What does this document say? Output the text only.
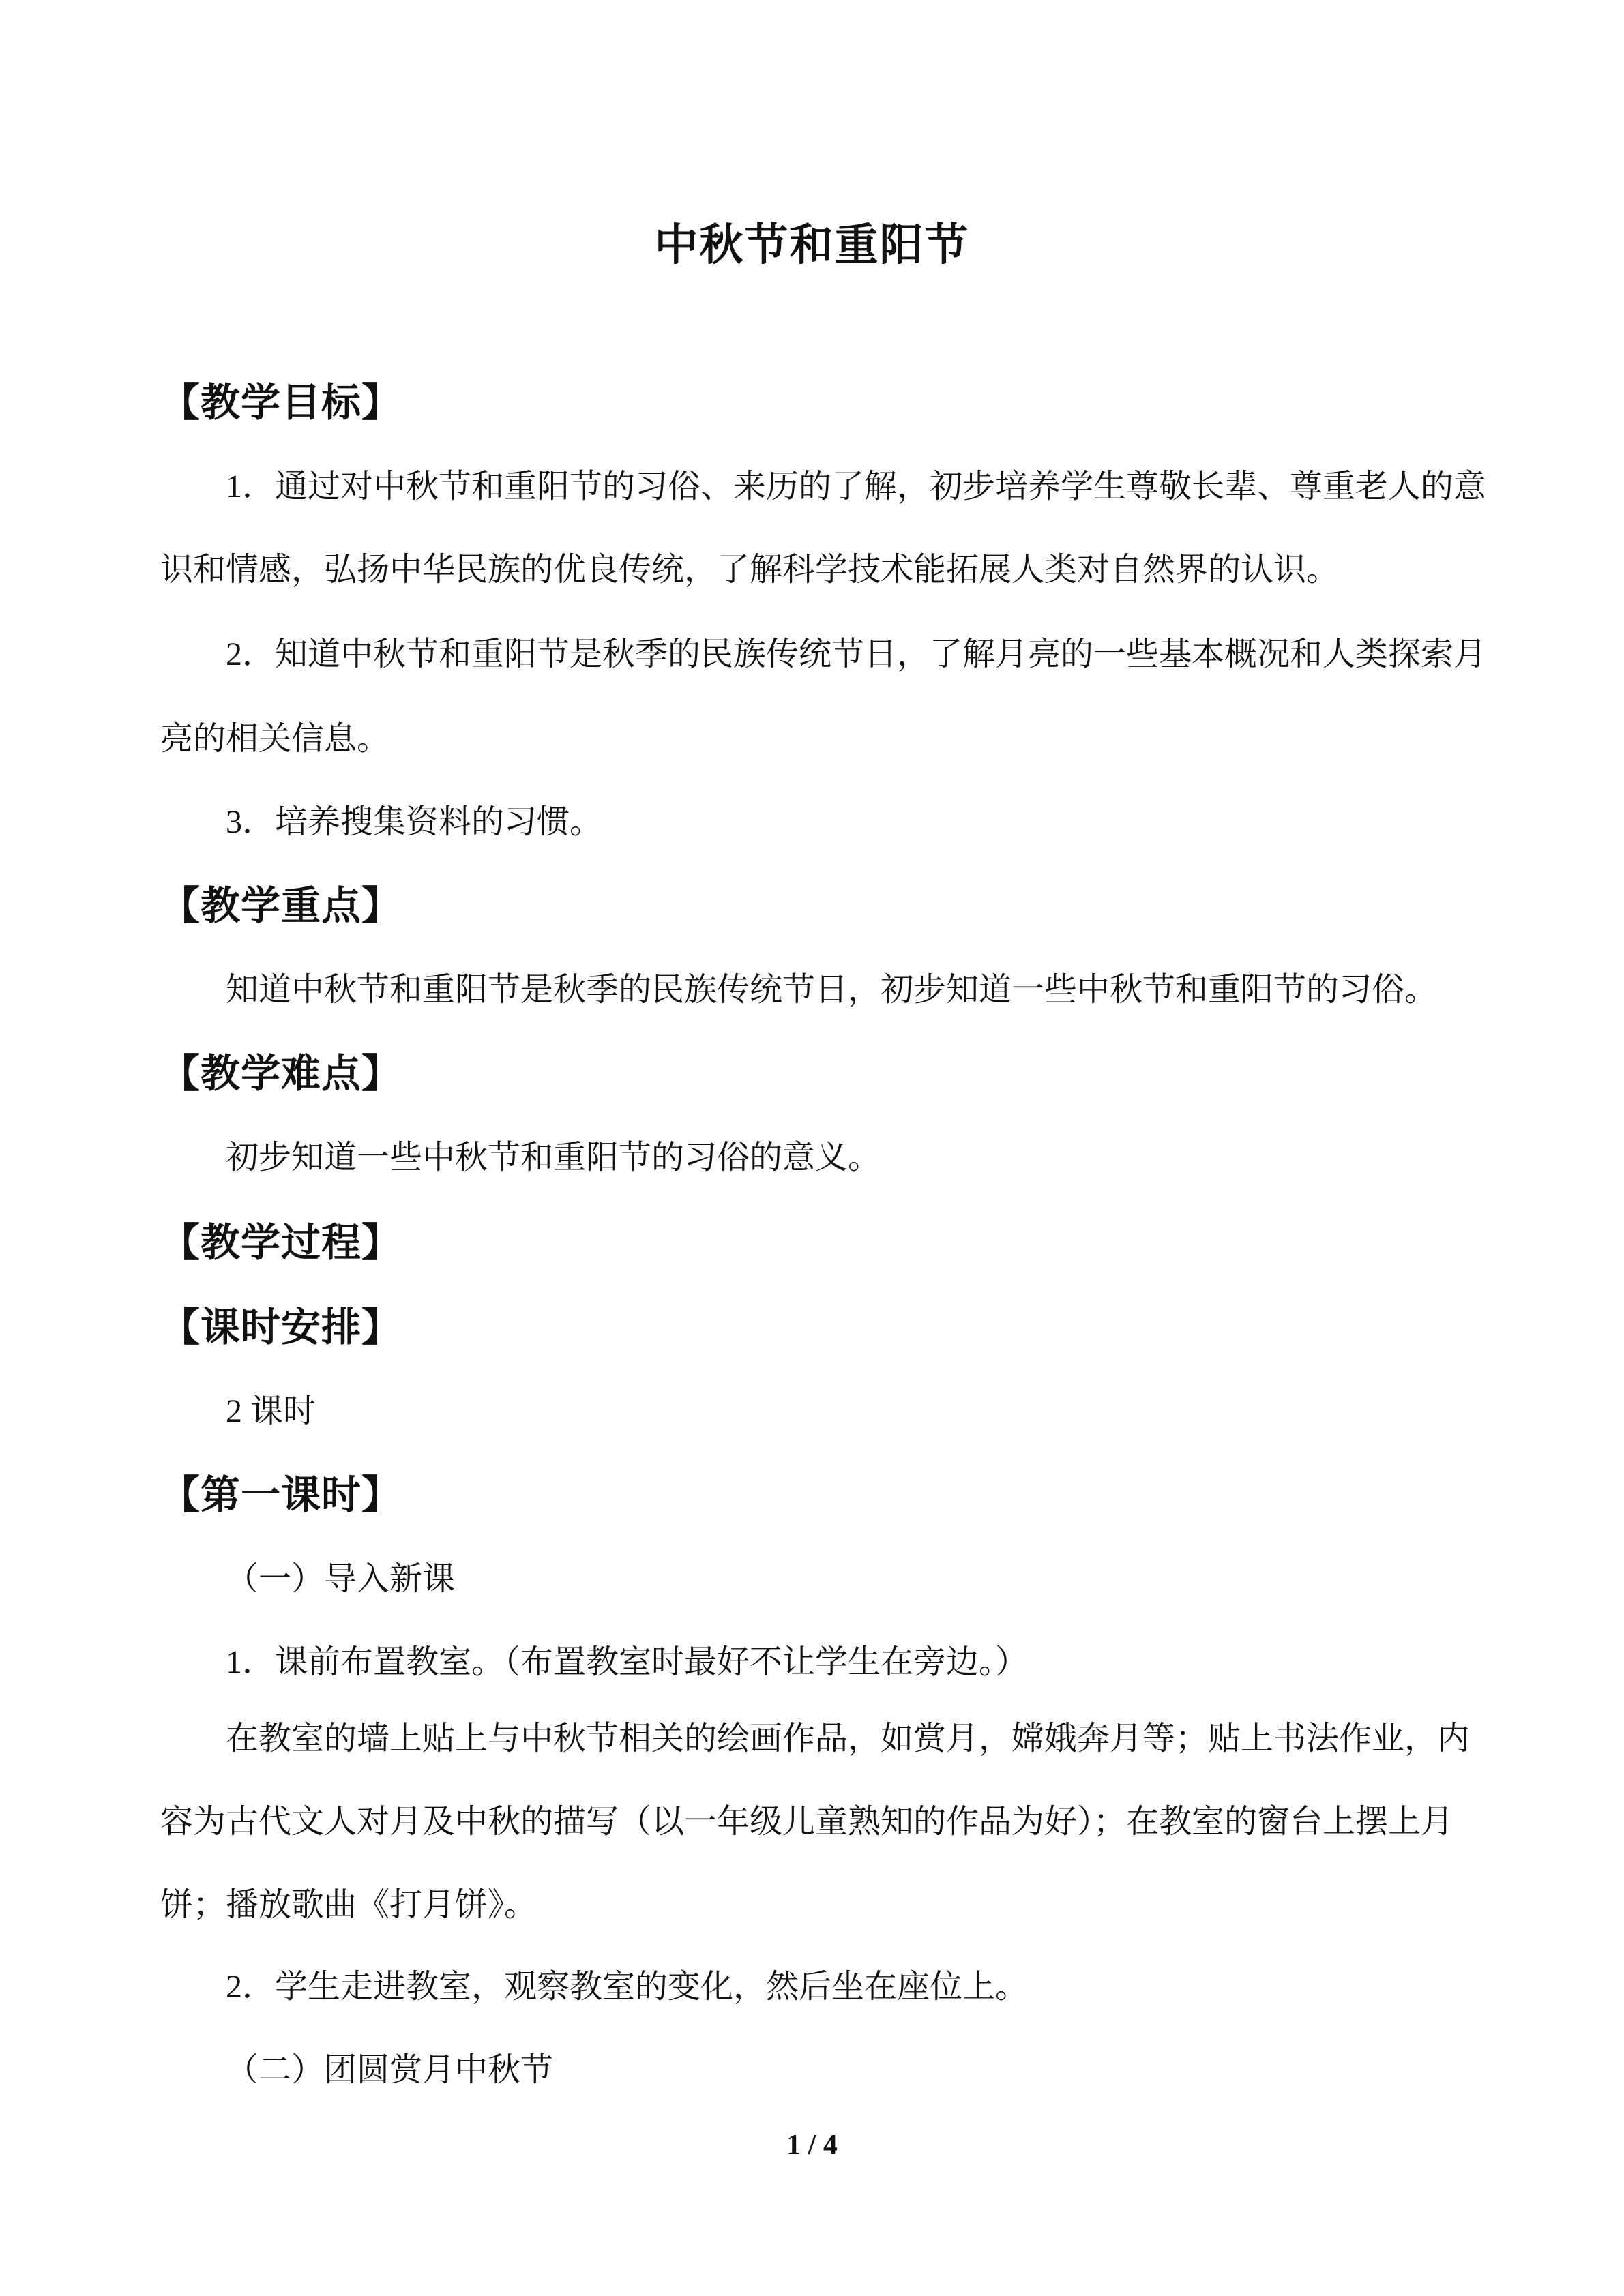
中秋节和重阳节
【教学目标】
1．通过对中秋节和重阳节的习俗、来历的了解，初步培养学生尊敬长辈、尊重老人的意
识和情感，弘扬中华民族的优良传统，了解科学技术能拓展人类对自然界的认识。
2．知道中秋节和重阳节是秋季的民族传统节日，了解月亮的一些基本概况和人类探索月
亮的相关信息。
3．培养搜集资料的习惯。
【教学重点】
知道中秋节和重阳节是秋季的民族传统节日，初步知道一些中秋节和重阳节的习俗。
【教学难点】
初步知道一些中秋节和重阳节的习俗的意义。
【教学过程】
【课时安排】
2 课时
【第一课时】
（一）导入新课
1．课前布置教室。（布置教室时最好不让学生在旁边。）
在教室的墙上贴上与中秋节相关的绘画作品，如赏月，嫦娥奔月等；贴上书法作业，内
容为古代文人对月及中秋的描写（以一年级儿童熟知的作品为好）；在教室的窗台上摆上月
饼；播放歌曲《打月饼》。
2．学生走进教室，观察教室的变化，然后坐在座位上。
（二）团圆赏月中秋节
1 / 4
